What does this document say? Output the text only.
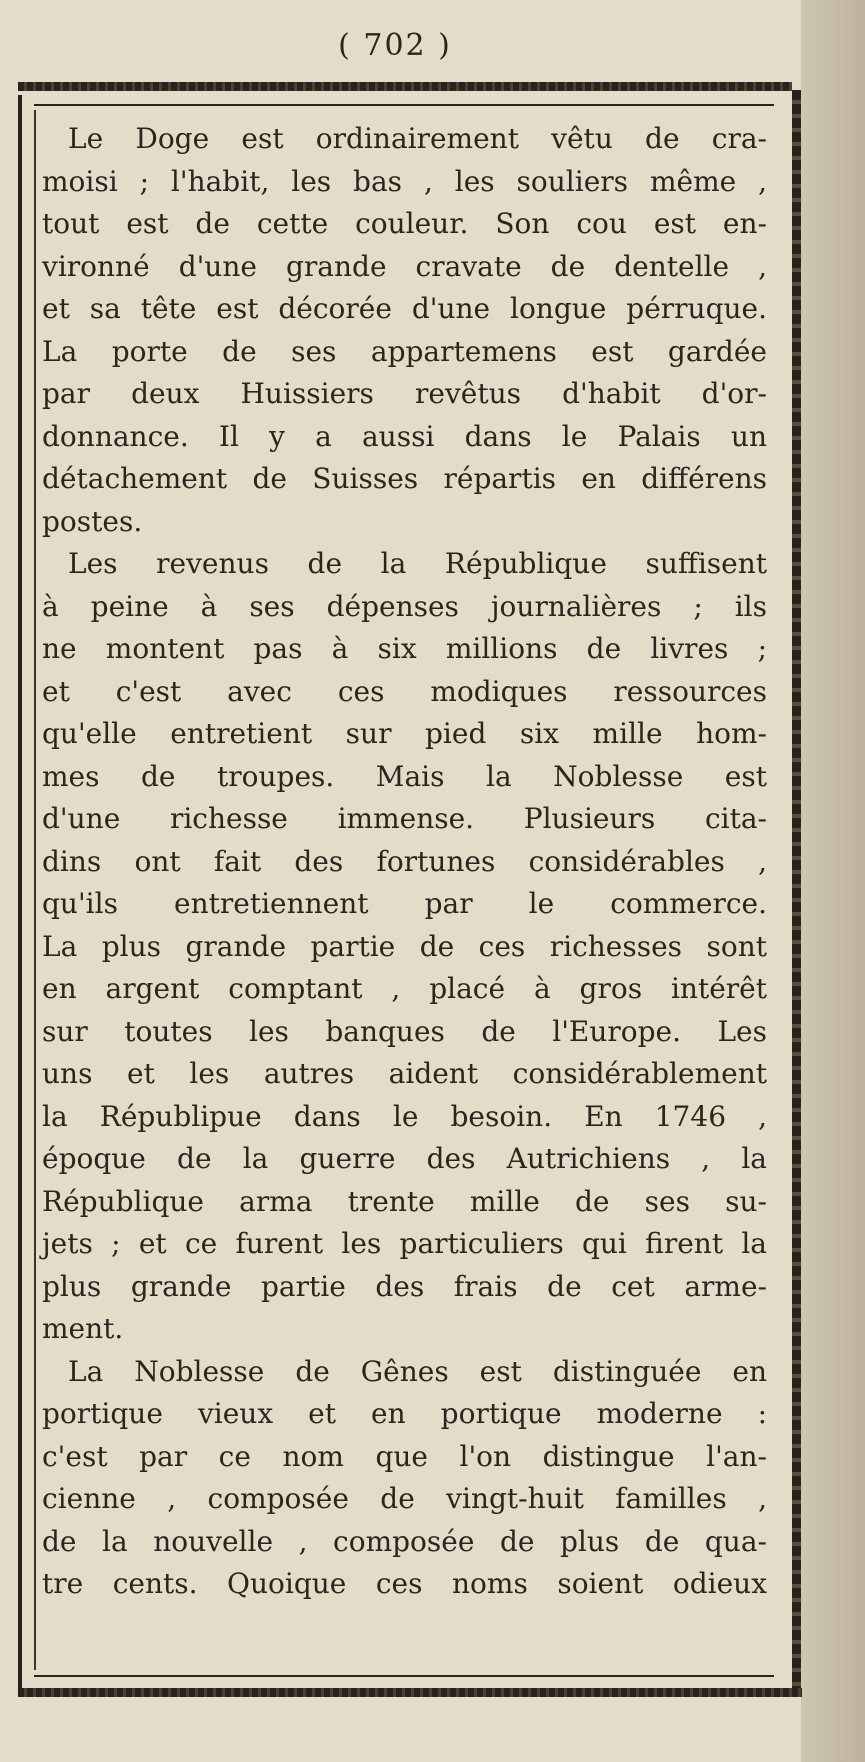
( 702 )
Le Doge est ordinairement vêtu de cra-
moisi ; l'habit, les bas , les souliers même ,
tout est de cette couleur. Son cou est en-
vironné d'une grande cravate de dentelle ,
et sa tête est décorée d'une longue pérruque.
La porte de ses appartemens est gardée
par deux Huissiers revêtus d'habit d'or-
donnance. Il y a aussi dans le Palais un
détachement de Suisses répartis en différens
postes.
Les revenus de la République suffisent
à peine à ses dépenses journalières ; ils
ne montent pas à six millions de livres ;
et c'est avec ces modiques ressources
qu'elle entretient sur pied six mille hom-
mes de troupes. Mais la Noblesse est
d'une richesse immense. Plusieurs cita-
dins ont fait des fortunes considérables ,
qu'ils entretiennent par le commerce.
La plus grande partie de ces richesses sont
en argent comptant , placé à gros intérêt
sur toutes les banques de l'Europe. Les
uns et les autres aident considérablement
la Républipue dans le besoin. En 1746 ,
époque de la guerre des Autrichiens , la
République arma trente mille de ses su-
jets ; et ce furent les particuliers qui firent la
plus grande partie des frais de cet arme-
ment.
La Noblesse de Gênes est distinguée en
portique vieux et en portique moderne :
c'est par ce nom que l'on distingue l'an-
cienne , composée de vingt-huit familles ,
de la nouvelle , composée de plus de qua-
tre cents. Quoique ces noms soient odieux
